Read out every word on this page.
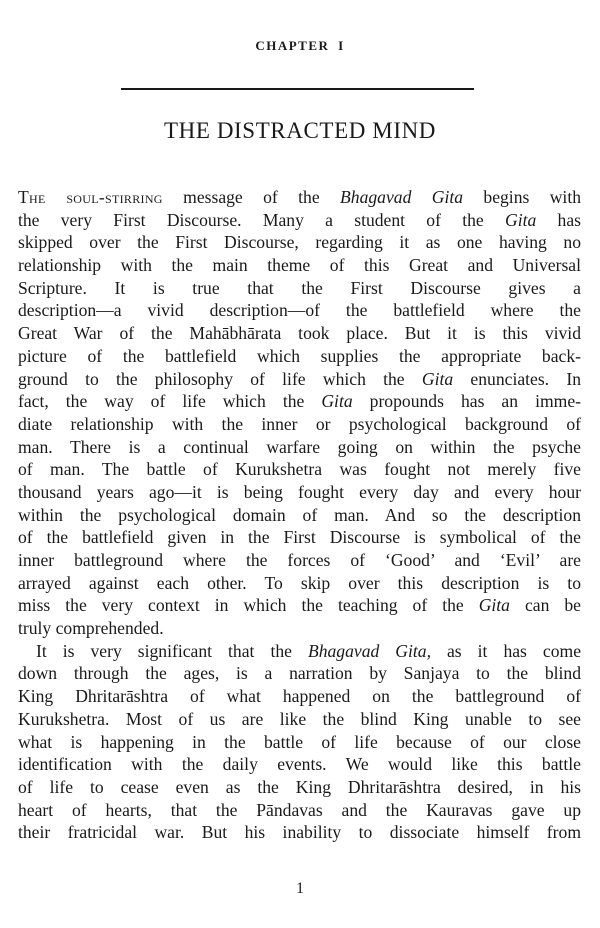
CHAPTER I
THE DISTRACTED MIND
The soul-stirring message of the Bhagavad Gita begins with
the very First Discourse. Many a student of the Gita has
skipped over the First Discourse, regarding it as one having no
relationship with the main theme of this Great and Universal
Scripture. It is true that the First Discourse gives a
description—a vivid description—of the battlefield where the
Great War of the Mahābhārata took place. But it is this vivid
picture of the battlefield which supplies the appropriate back-
ground to the philosophy of life which the Gita enunciates. In
fact, the way of life which the Gita propounds has an imme-
diate relationship with the inner or psychological background of
man. There is a continual warfare going on within the psyche
of man. The battle of Kurukshetra was fought not merely five
thousand years ago—it is being fought every day and every hour
within the psychological domain of man. And so the description
of the battlefield given in the First Discourse is symbolical of the
inner battleground where the forces of ‘Good’ and ‘Evil’ are
arrayed against each other. To skip over this description is to
miss the very context in which the teaching of the Gita can be
truly comprehended.
It is very significant that the Bhagavad Gita, as it has come
down through the ages, is a narration by Sanjaya to the blind
King Dhritarāshtra of what happened on the battleground of
Kurukshetra. Most of us are like the blind King unable to see
what is happening in the battle of life because of our close
identification with the daily events. We would like this battle
of life to cease even as the King Dhritarāshtra desired, in his
heart of hearts, that the Pāndavas and the Kauravas gave up
their fratricidal war. But his inability to dissociate himself from
1
